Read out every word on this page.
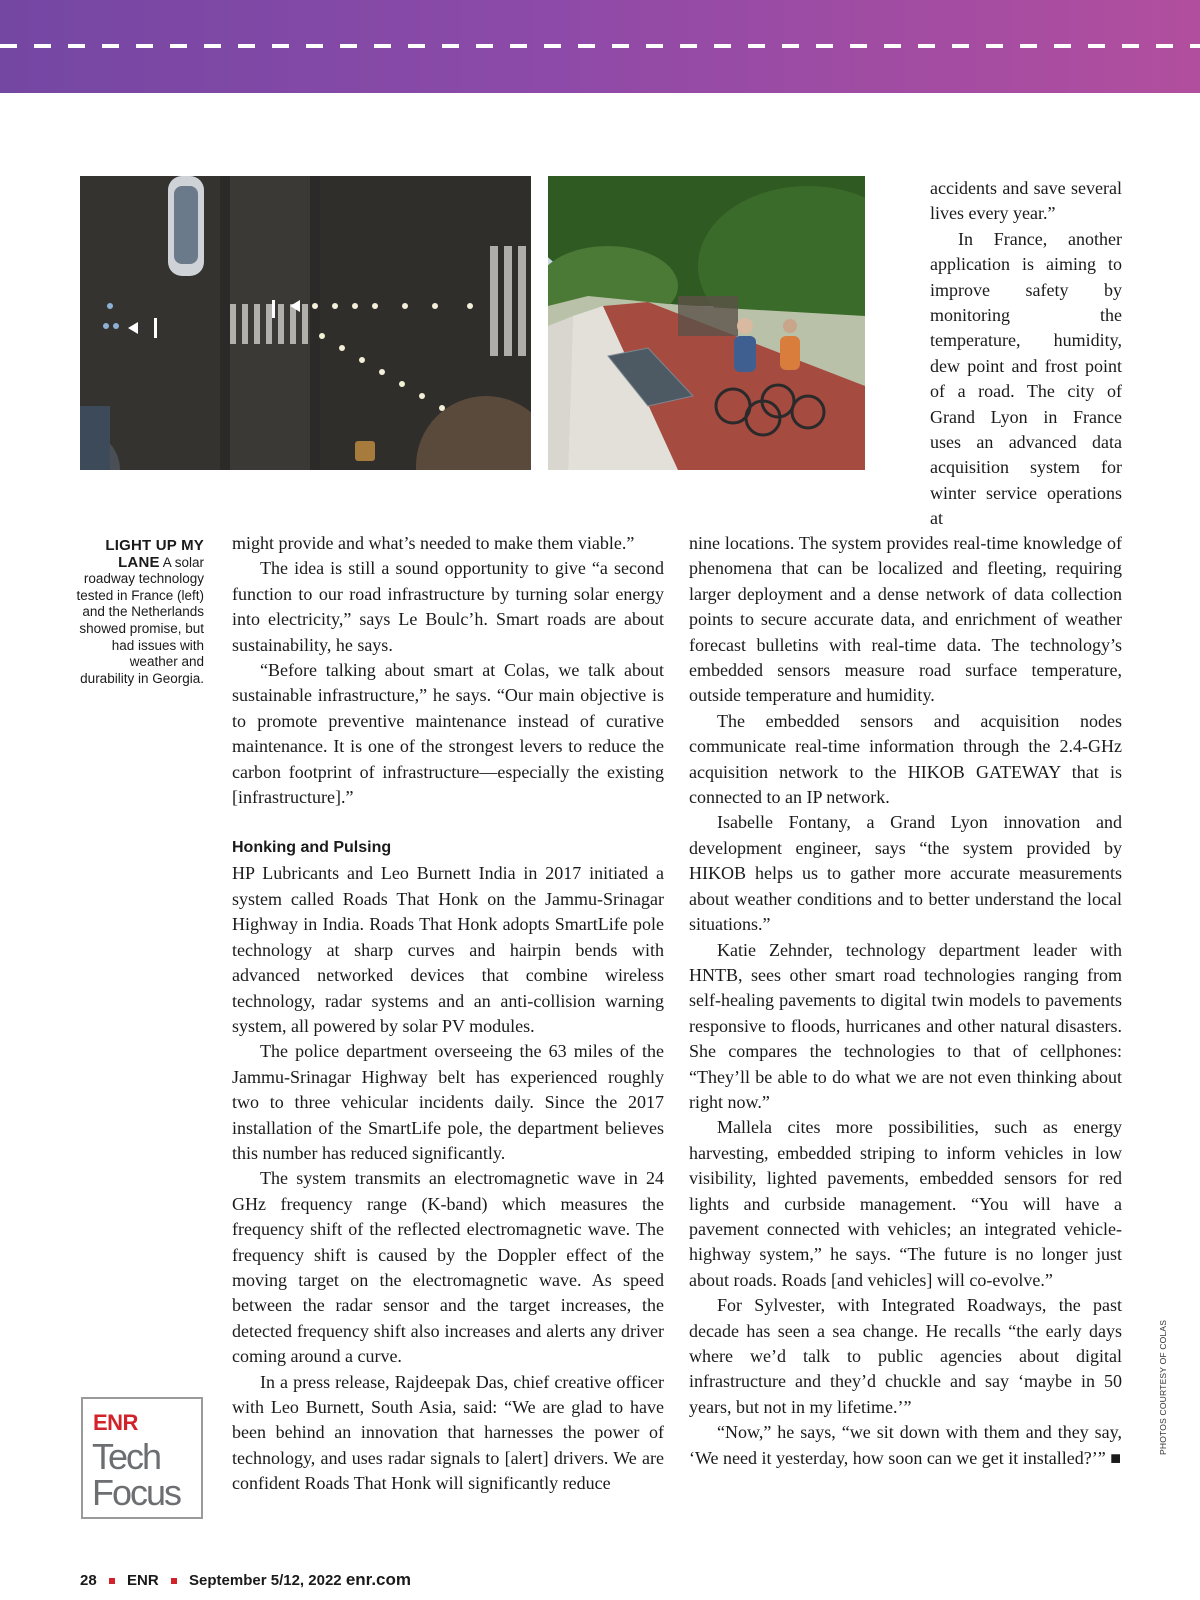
LIGHT UP MY LANE A solar roadway technology tested in France (left) and the Netherlands showed promise, but had issues with weather and durability in Georgia.

accidents and save several lives every year.”

In France, another application is aiming to improve safety by monitoring the temperature, humidity, dew point and frost point of a road. The city of Grand Lyon in France uses an advanced data acquisition system for winter service operations at

might provide and what’s needed to make them viable.”

The idea is still a sound opportunity to give “a second function to our road infrastructure by turning solar energy into electricity,” says Le Boulc’h. Smart roads are about sustainability, he says.

“Before talking about smart at Colas, we talk about sustainable infrastructure,” he says. “Our main objective is to promote preventive maintenance instead of curative maintenance. It is one of the strongest levers to reduce the carbon footprint of infrastructure—especially the existing [infrastructure].”

Honking and Pulsing

HP Lubricants and Leo Burnett India in 2017 initiated a system called Roads That Honk on the Jammu-Srinagar Highway in India. Roads That Honk adopts SmartLife pole technology at sharp curves and hairpin bends with advanced networked devices that combine wireless technology, radar systems and an anti-collision warning system, all powered by solar PV modules.

The police department overseeing the 63 miles of the Jammu-Srinagar Highway belt has experienced roughly two to three vehicular incidents daily. Since the 2017 installation of the SmartLife pole, the department believes this number has reduced significantly.

The system transmits an electromagnetic wave in 24 GHz frequency range (K-band) which measures the frequency shift of the reflected electromagnetic wave. The frequency shift is caused by the Doppler effect of the moving target on the electromagnetic wave. As speed between the radar sensor and the target increases, the detected frequency shift also increases and alerts any driver coming around a curve.

In a press release, Rajdeepak Das, chief creative officer with Leo Burnett, South Asia, said: “We are glad to have been behind an innovation that harnesses the power of technology, and uses radar signals to [alert] drivers. We are confident Roads That Honk will significantly reduce

nine locations. The system provides real-time knowledge of phenomena that can be localized and fleeting, requiring larger deployment and a dense network of data collection points to secure accurate data, and enrichment of weather forecast bulletins with real-time data. The technology’s embedded sensors measure road surface temperature, outside temperature and humidity.

The embedded sensors and acquisition nodes communicate real-time information through the 2.4-GHz acquisition network to the HIKOB GATEWAY that is connected to an IP network.

Isabelle Fontany, a Grand Lyon innovation and development engineer, says “the system provided by HIKOB helps us to gather more accurate measurements about weather conditions and to better understand the local situations.”

Katie Zehnder, technology department leader with HNTB, sees other smart road technologies ranging from self-healing pavements to digital twin models to pavements responsive to floods, hurricanes and other natural disasters. She compares the technologies to that of cellphones: “They’ll be able to do what we are not even thinking about right now.”

Mallela cites more possibilities, such as energy harvesting, embedded striping to inform vehicles in low visibility, lighted pavements, embedded sensors for red lights and curbside management. “You will have a pavement connected with vehicles; an integrated vehicle-highway system,” he says. “The future is no longer just about roads. Roads [and vehicles] will co-evolve.”

For Sylvester, with Integrated Roadways, the past decade has seen a sea change. He recalls “the early days where we’d talk to public agencies about digital infrastructure and they’d chuckle and say ‘maybe in 50 years, but not in my lifetime.’”

“Now,” he says, “we sit down with them and they say, ‘We need it yesterday, how soon can we get it installed?’” ■

ENR
Tech
Focus
28 ENR September 5/12, 2022 enr.com
PHOTOS COURTESY OF COLAS
